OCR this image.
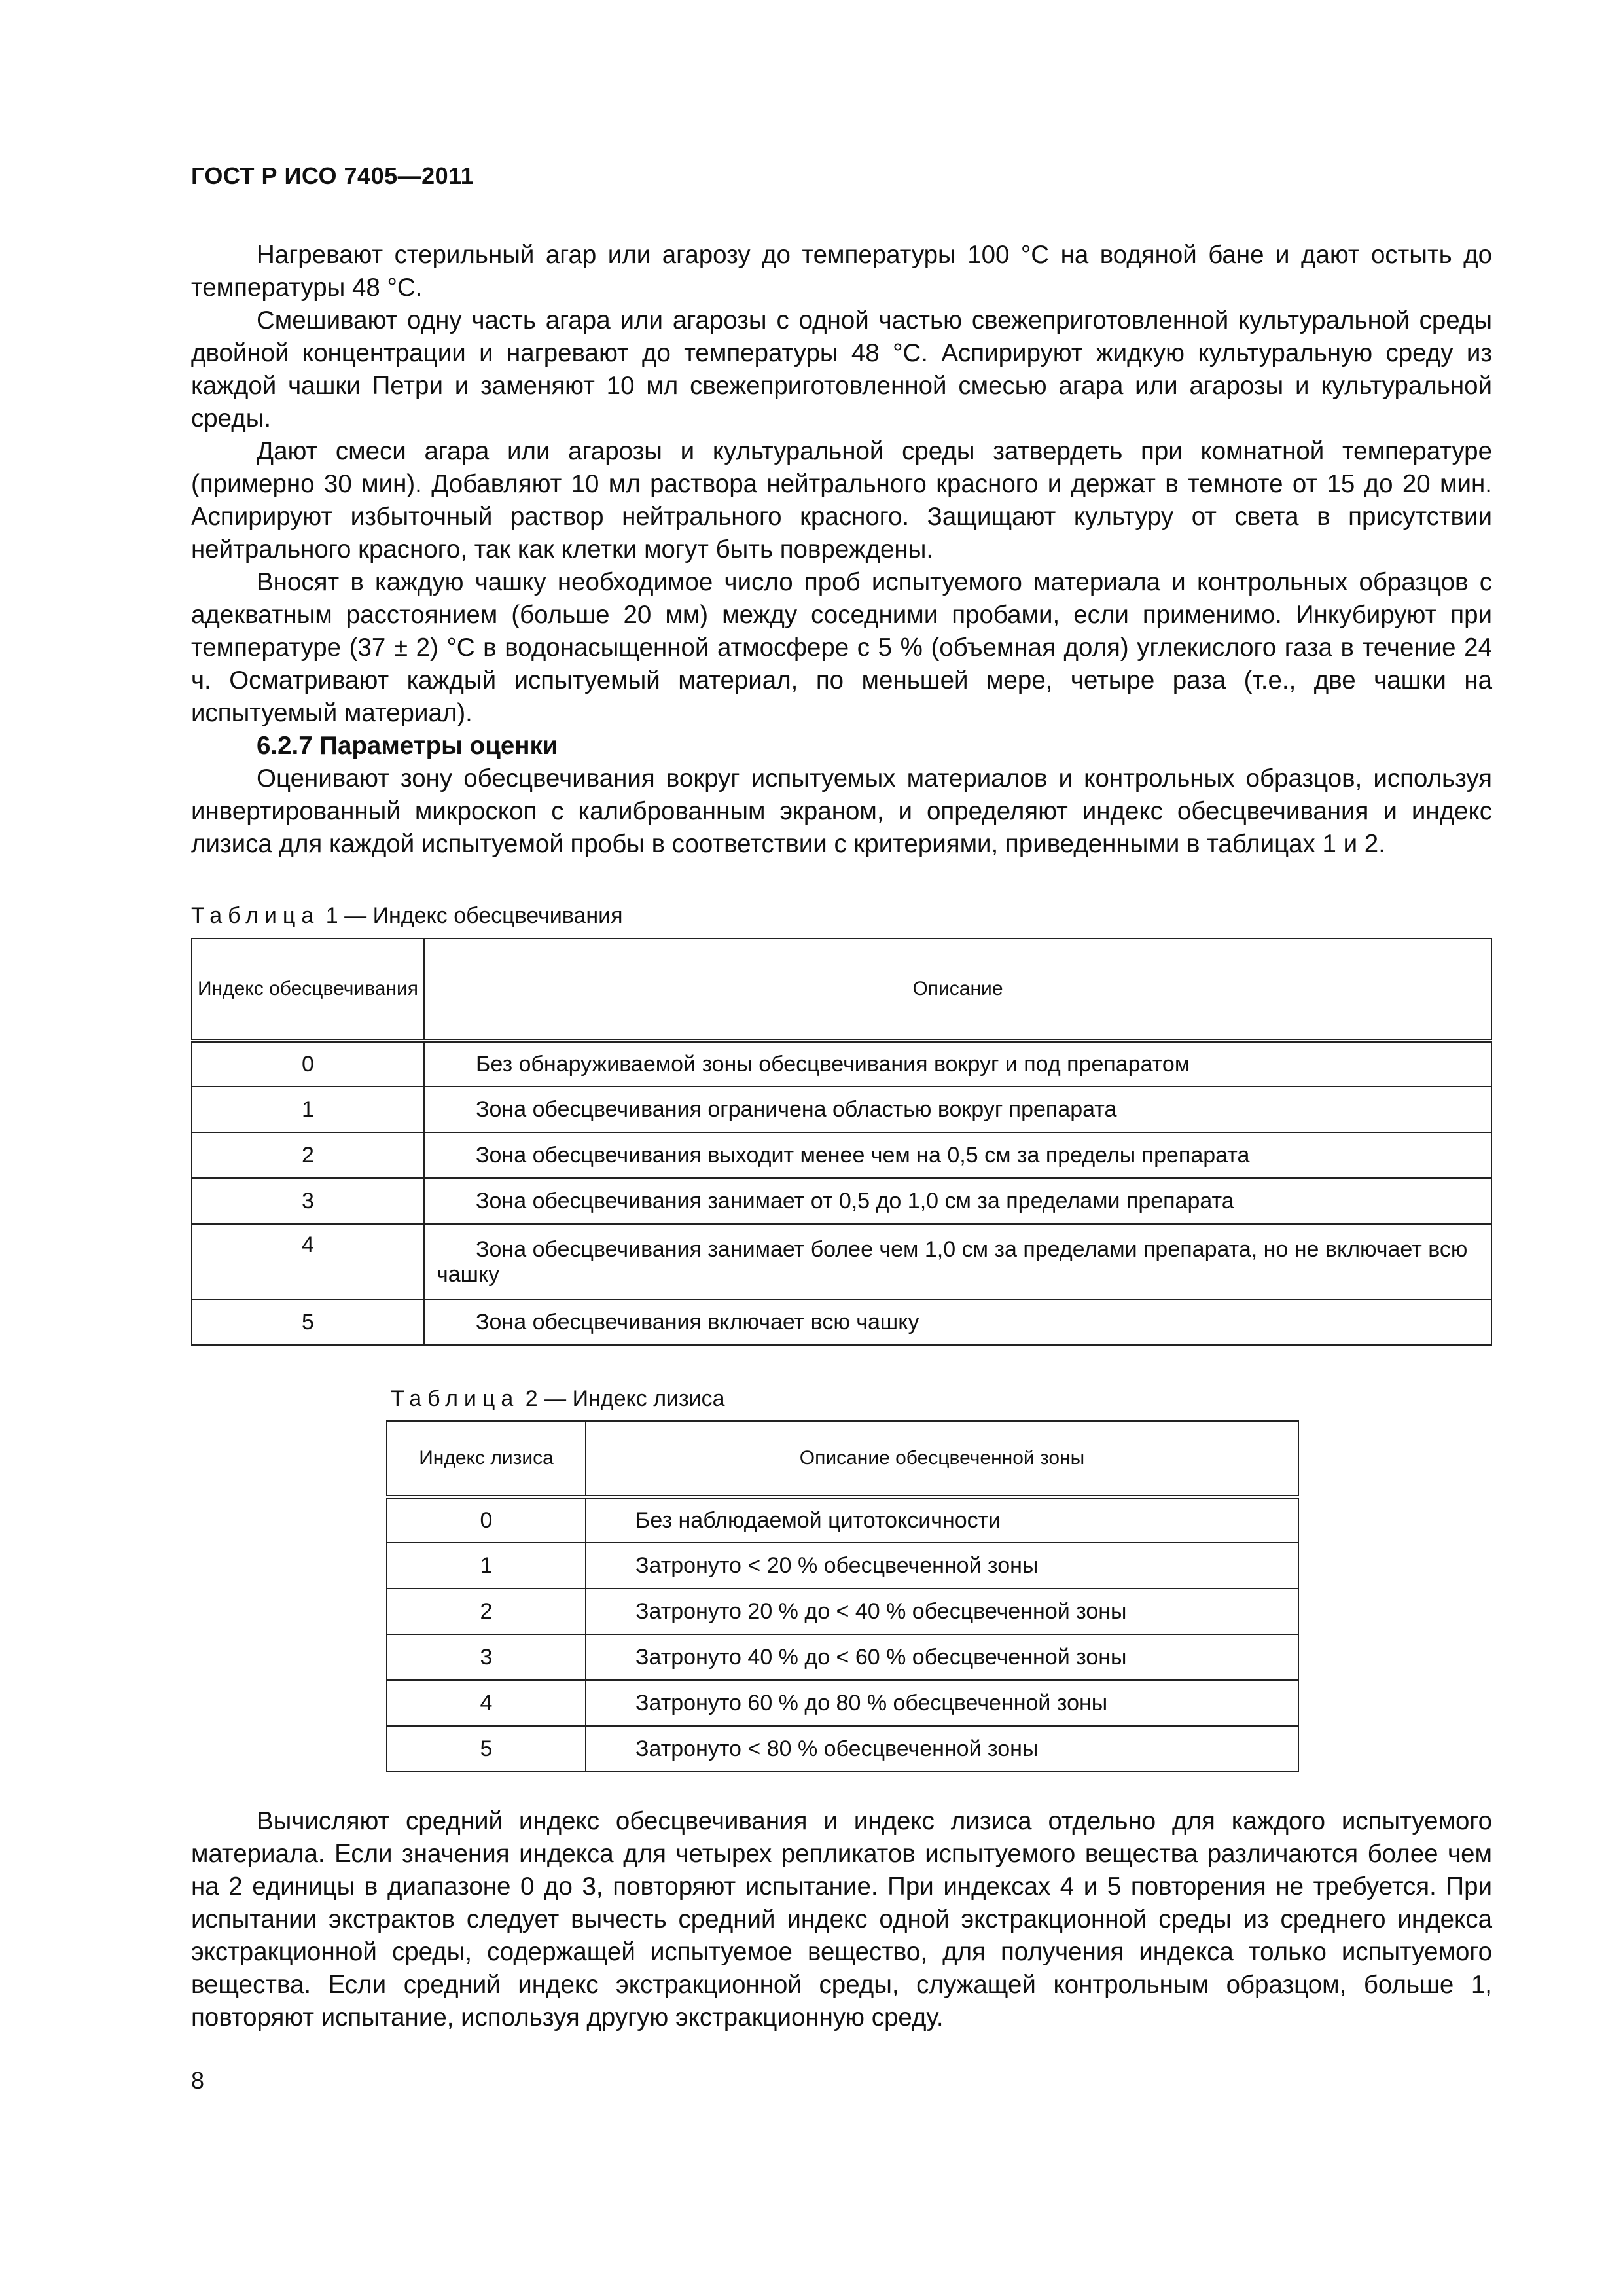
ГОСТ Р ИСО 7405—2011

Нагревают стерильный агар или агарозу до температуры 100 °C на водяной бане и дают остыть до температуры 48 °C.

Смешивают одну часть агара или агарозы с одной частью свежеприготовленной культуральной среды двойной концентрации и нагревают до температуры 48 °C. Аспирируют жидкую культуральную среду из каждой чашки Петри и заменяют 10 мл свежеприготовленной смесью агара или агарозы и культуральной среды.

Дают смеси агара или агарозы и культуральной среды затвердеть при комнатной температуре (примерно 30 мин). Добавляют 10 мл раствора нейтрального красного и держат в темноте от 15 до 20 мин. Аспирируют избыточный раствор нейтрального красного. Защищают культуру от света в присутствии нейтрального красного, так как клетки могут быть повреждены.

Вносят в каждую чашку необходимое число проб испытуемого материала и контрольных образцов с адекватным расстоянием (больше 20 мм) между соседними пробами, если применимо. Инкубируют при температуре (37 ± 2) °C в водонасыщенной атмосфере с 5 % (объемная доля) углекислого газа в течение 24 ч. Осматривают каждый испытуемый материал, по меньшей мере, четыре раза (т.е., две чашки на испытуемый материал).

6.2.7 Параметры оценки

Оценивают зону обесцвечивания вокруг испытуемых материалов и контрольных образцов, используя инвертированный микроскоп с калиброванным экраном, и определяют индекс обесцвечивания и индекс лизиса для каждой испытуемой пробы в соответствии с критериями, приведенными в таблицах 1 и 2.

Таблица 1 — Индекс обесцвечивания
Индекс обесцвечивания	Описание
0	Без обнаруживаемой зоны обесцвечивания вокруг и под препаратом
1	Зона обесцвечивания ограничена областью вокруг препарата
2	Зона обесцвечивания выходит менее чем на 0,5 см за пределы препарата
3	Зона обесцвечивания занимает от 0,5 до 1,0 см за пределами препарата
4	Зона обесцвечивания занимает более чем 1,0 см за пределами препарата, но не включает всю чашку
5	Зона обесцвечивания включает всю чашку
Таблица 2 — Индекс лизиса
Индекс лизиса	Описание обесцвеченной зоны
0	Без наблюдаемой цитотоксичности
1	Затронуто < 20 % обесцвеченной зоны
2	Затронуто 20 % до < 40 % обесцвеченной зоны
3	Затронуто 40 % до < 60 % обесцвеченной зоны
4	Затронуто 60 % до 80 % обесцвеченной зоны
5	Затронуто < 80 % обесцвеченной зоны

Вычисляют средний индекс обесцвечивания и индекс лизиса отдельно для каждого испытуемого материала. Если значения индекса для четырех репликатов испытуемого вещества различаются более чем на 2 единицы в диапазоне 0 до 3, повторяют испытание. При индексах 4 и 5 повторения не требуется. При испытании экстрактов следует вычесть средний индекс одной экстракционной среды из среднего индекса экстракционной среды, содержащей испытуемое вещество, для получения индекса только испытуемого вещества. Если средний индекс экстракционной среды, служащей контрольным образцом, больше 1, повторяют испытание, используя другую экстракционную среду.

8
